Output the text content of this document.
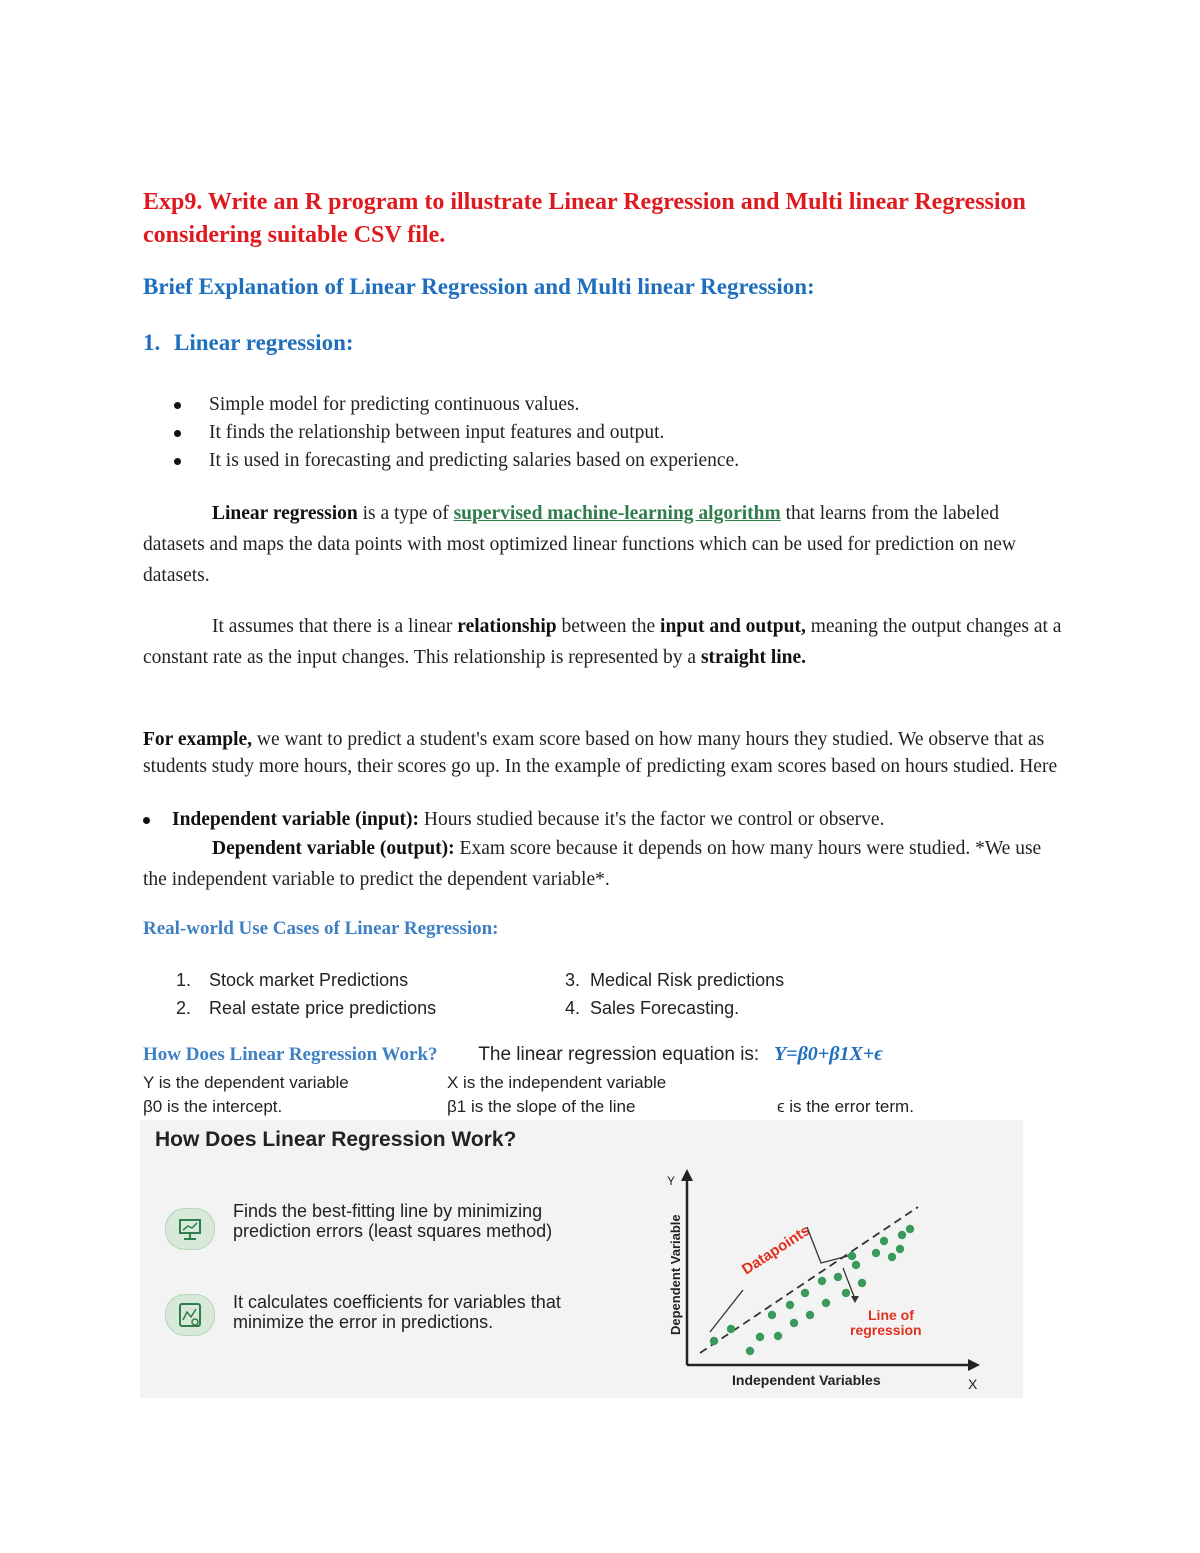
Exp9. Write an R program to illustrate Linear Regression and Multi linear Regression considering suitable CSV file.
Brief Explanation of Linear Regression and Multi linear Regression:
1. Linear regression:
Simple model for predicting continuous values.
It finds the relationship between input features and output.
It is used in forecasting and predicting salaries based on experience.

Linear regression is a type of supervised machine-learning algorithm that learns from the labeled datasets and maps the data points with most optimized linear functions which can be used for prediction on new datasets.

It assumes that there is a linear relationship between the input and output, meaning the output changes at a constant rate as the input changes. This relationship is represented by a straight line.

For example, we want to predict a student's exam score based on how many hours they studied. We observe that as students study more hours, their scores go up. In the example of predicting exam scores based on hours studied. Here

Independent variable (input): Hours studied because it's the factor we control or observe.

Dependent variable (output): Exam score because it depends on how many hours were studied. *We use the independent variable to predict the dependent variable*.

Real-world Use Cases of Linear Regression:
1. Stock market Predictions
2. Real estate price predictions
3. Medical Risk predictions
4. Sales Forecasting.
How Does Linear Regression Work? The linear regression equation is: Y=β0+β1X+ϵ
Y is the dependent variable	X is the independent variable
β0 is the intercept.	β1 is the slope of the line	ϵ is the error term.
How Does Linear Regression Work?
Finds the best-fitting line by minimizing prediction errors (least squares method)
It calculates coefficients for variables that minimize the error in predictions.
Y
X
Independent Variables
Dependent Variable	Datapoints
Line of
regression
